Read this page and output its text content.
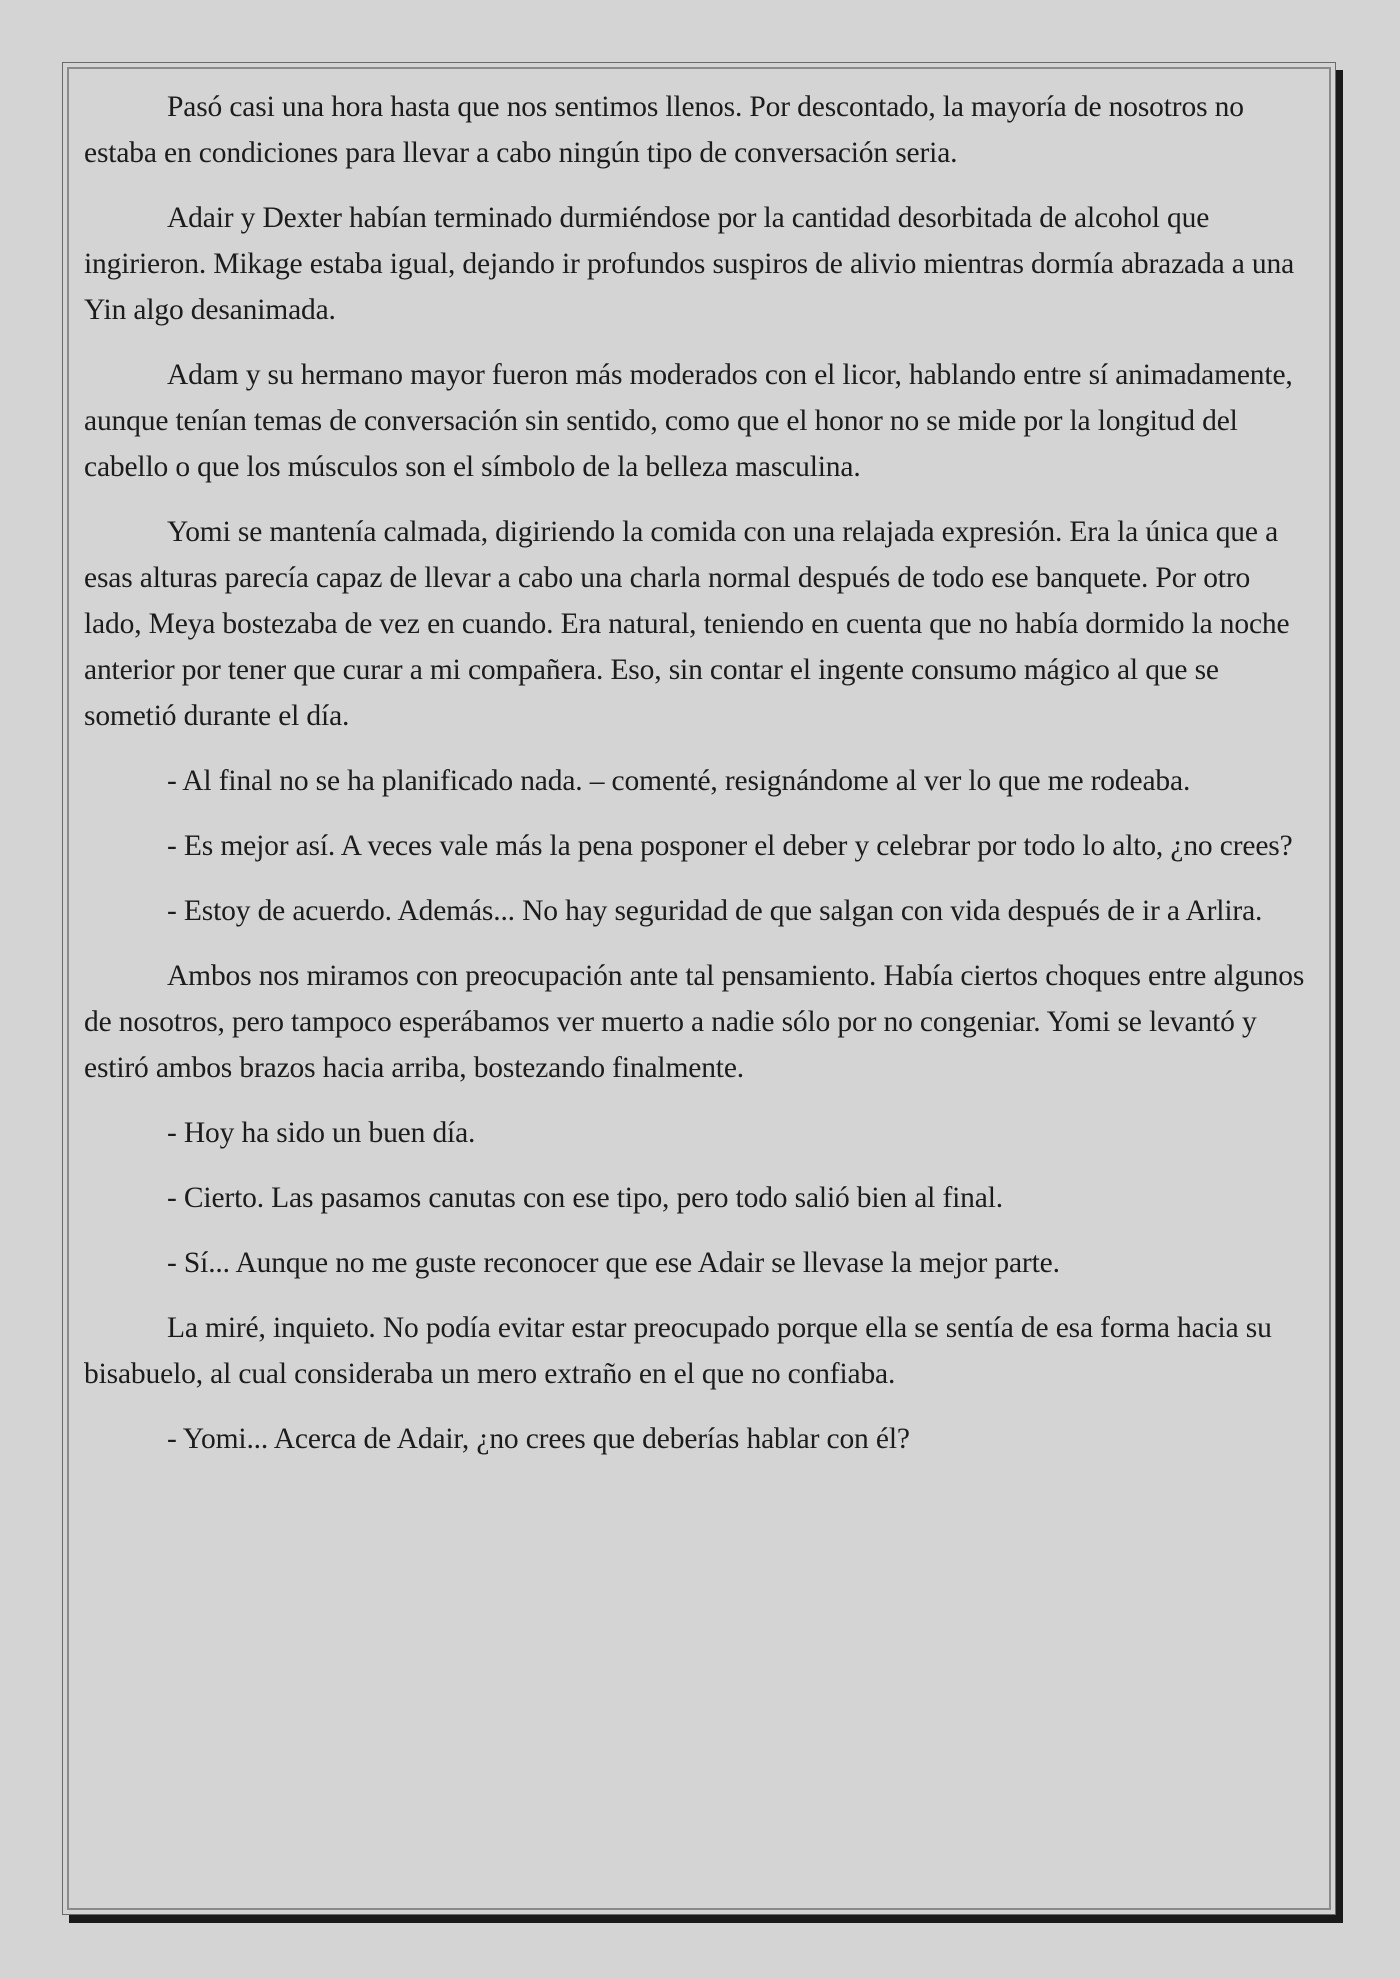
Pasó casi una hora hasta que nos sentimos llenos. Por descontado, la mayoría de nosotros no estaba en condiciones para llevar a cabo ningún tipo de conversación seria.

Adair y Dexter habían terminado durmiéndose por la cantidad desorbitada de alcohol que ingirieron. Mikage estaba igual, dejando ir profundos suspiros de alivio mientras dormía abrazada a una Yin algo desanimada.

Adam y su hermano mayor fueron más moderados con el licor, hablando entre sí animadamente, aunque tenían temas de conversación sin sentido, como que el honor no se mide por la longitud del cabello o que los músculos son el símbolo de la belleza masculina.

Yomi se mantenía calmada, digiriendo la comida con una relajada expresión. Era la única que a esas alturas parecía capaz de llevar a cabo una charla normal después de todo ese banquete. Por otro lado, Meya bostezaba de vez en cuando. Era natural, teniendo en cuenta que no había dormido la noche anterior por tener que curar a mi compañera. Eso, sin contar el ingente consumo mágico al que se sometió durante el día.

- Al final no se ha planificado nada. – comenté, resignándome al ver lo que me rodeaba.

- Es mejor así. A veces vale más la pena posponer el deber y celebrar por todo lo alto, ¿no crees?

- Estoy de acuerdo. Además... No hay seguridad de que salgan con vida después de ir a Arlira.

Ambos nos miramos con preocupación ante tal pensamiento. Había ciertos choques entre algunos de nosotros, pero tampoco esperábamos ver muerto a nadie sólo por no congeniar. Yomi se levantó y estiró ambos brazos hacia arriba, bostezando finalmente.

- Hoy ha sido un buen día.

- Cierto. Las pasamos canutas con ese tipo, pero todo salió bien al final.

- Sí... Aunque no me guste reconocer que ese Adair se llevase la mejor parte.

La miré, inquieto. No podía evitar estar preocupado porque ella se sentía de esa forma hacia su bisabuelo, al cual consideraba un mero extraño en el que no confiaba.

- Yomi... Acerca de Adair, ¿no crees que deberías hablar con él?
